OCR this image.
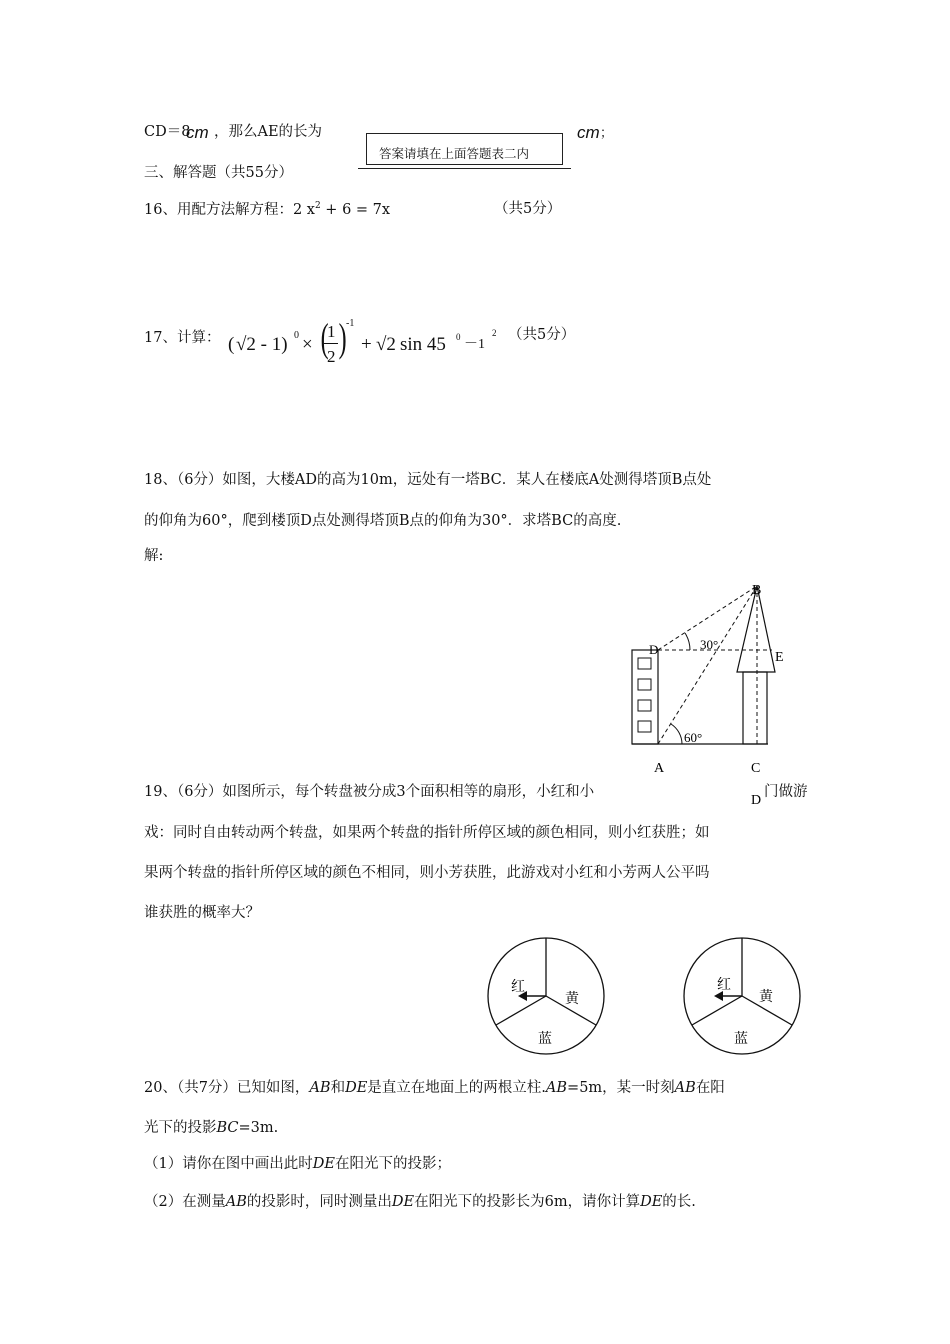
CD＝8
cm ，那么AE的长为
答案请填在上面答题表二内
cm ；
三、解答题（共55分）
16、用配方法解方程：2 $x^2 + 6 = 7x$	（共5分）
17、计算： ( √2 - 1) 0 × (
1
2 ) -1
+ √2 sin 45 0 －1
2 （共5分）
18、（6分）如图，大楼AD的高为10m，远处有一塔BC．某人在楼底A处测得塔顶B点处
的仰角为60°，爬到楼顶D点处测得塔顶B点的仰角为30°．求塔BC的高度.
解:
B
D	30°
E
60°
A	C
D
19、（6分）如图所示，每个转盘被分成3个面积相等的扇形，小红和小	门做游
戏：同时自由转动两个转盘，如果两个转盘的指针所停区域的颜色相同，则小红获胜；如
果两个转盘的指针所停区域的颜色不相同，则小芳获胜，此游戏对小红和小芳两人公平吗
谁获胜的概率大？
红
黄
蓝
红
黄
蓝
20、（共7分）已知如图，AB和DE是直立在地面上的两根立柱.AB=5m，某一时刻AB在阳
光下的投影BC=3m.
（1）请你在图中画出此时DE在阳光下的投影；
（2）在测量AB的投影时，同时测量出DE在阳光下的投影长为6m，请你计算DE的长.
